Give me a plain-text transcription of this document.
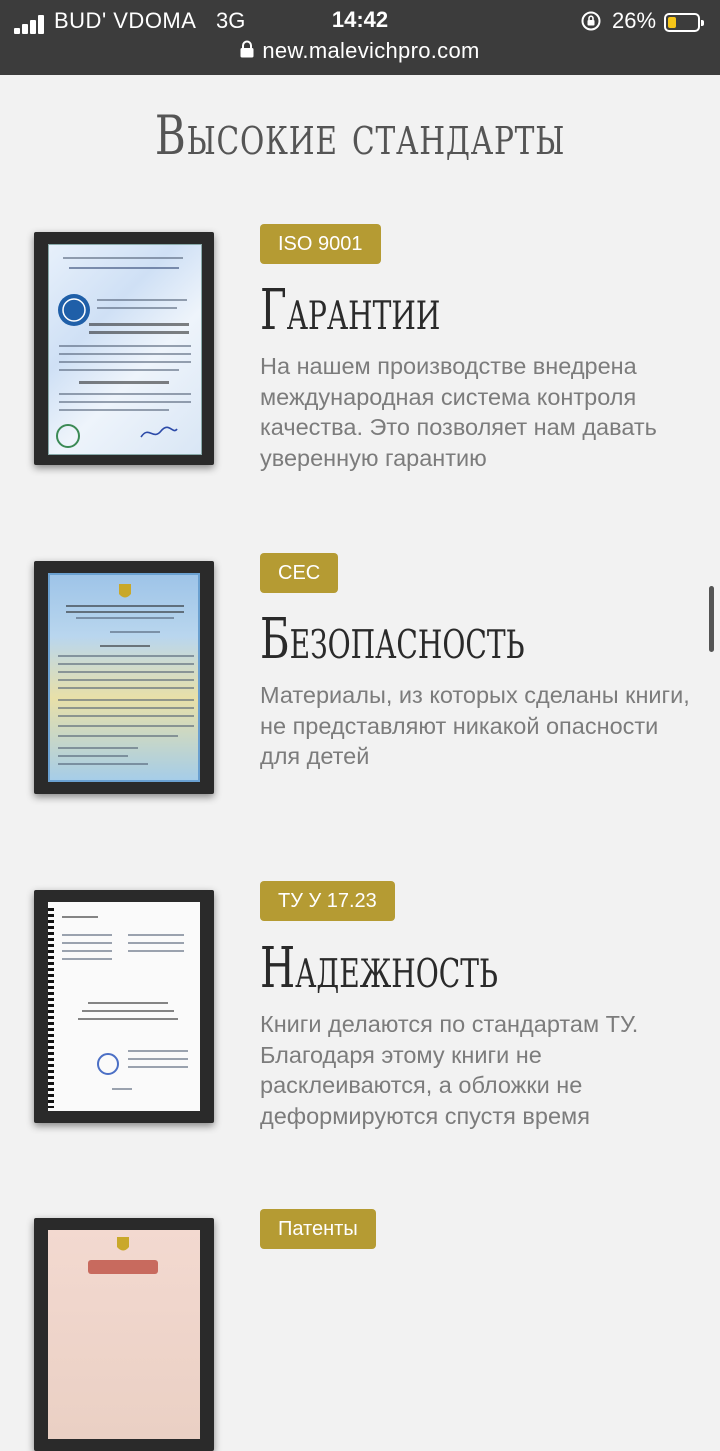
BUD' VDOMA 3G	14:42	26%
new.malevichpro.com
Высокие стандарты
ISO 9001
Гарантии
На нашем производстве внедрена международная система контроля качества. Это позволяет нам давать уверенную гарантию
СЕС
Безопасность
Материалы, из которых сделаны книги, не представляют никакой опасности для детей
ТУ У 17.23
Надежность
Книги делаются по стандартам ТУ. Благодаря этому книги не расклеиваются, а обложки не деформируются спустя время
Патенты
